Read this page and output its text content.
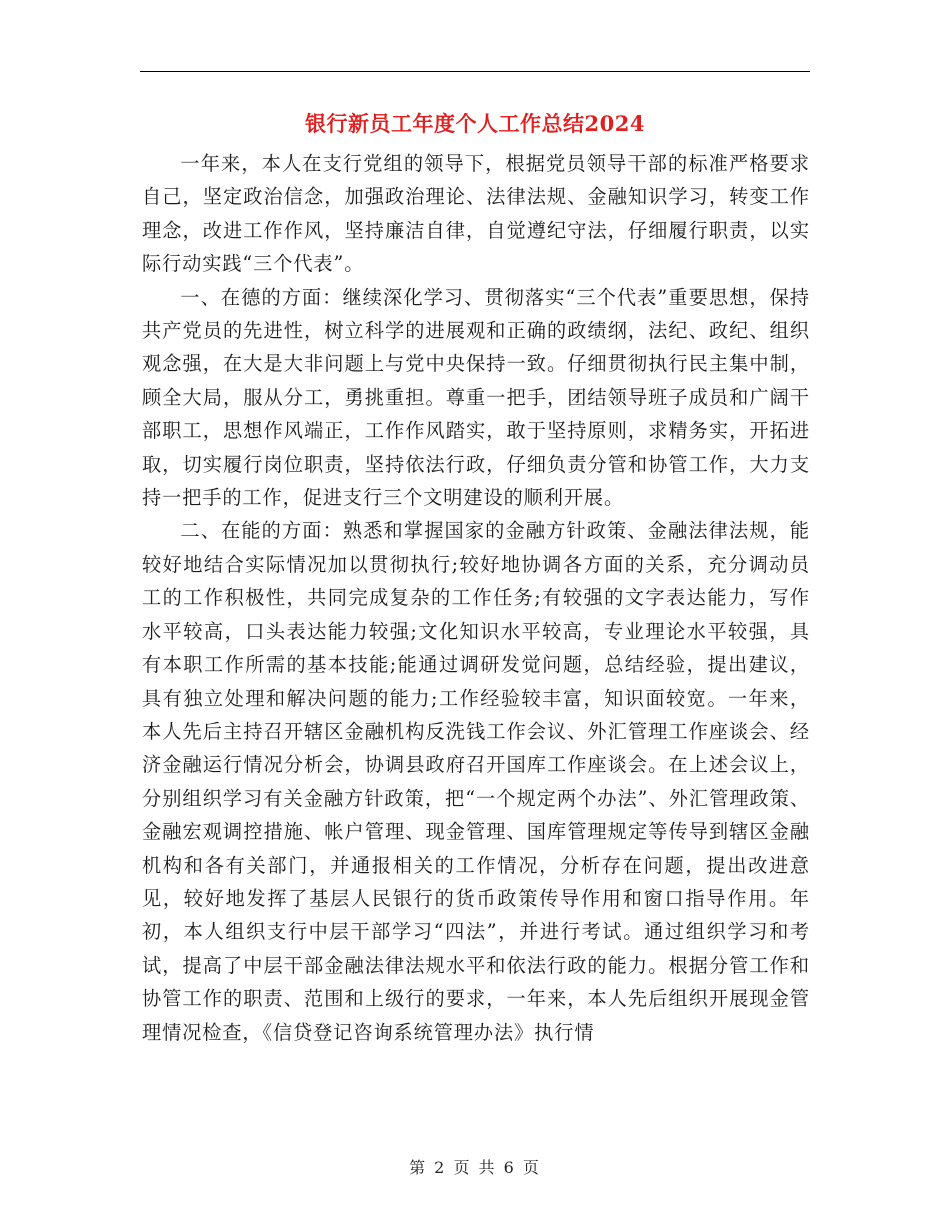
银行新员工年度个人工作总结2024

一年来，本人在支行党组的领导下，根据党员领导干部的标准严格要求自己，坚定政治信念，加强政治理论、法律法规、金融知识学习，转变工作理念，改进工作作风，坚持廉洁自律，自觉遵纪守法，仔细履行职责，以实际行动实践“三个代表”。

一、在德的方面：继续深化学习、贯彻落实“三个代表”重要思想，保持共产党员的先进性，树立科学的进展观和正确的政绩纲，法纪、政纪、组织观念强，在大是大非问题上与党中央保持一致。仔细贯彻执行民主集中制，顾全大局，服从分工，勇挑重担。尊重一把手，团结领导班子成员和广阔干部职工，思想作风端正，工作作风踏实，敢于坚持原则，求精务实，开拓进取，切实履行岗位职责，坚持依法行政，仔细负责分管和协管工作，大力支持一把手的工作，促进支行三个文明建设的顺利开展。

二、在能的方面：熟悉和掌握国家的金融方针政策、金融法律法规，能较好地结合实际情况加以贯彻执行;较好地协调各方面的关系，充分调动员工的工作积极性，共同完成复杂的工作任务;有较强的文字表达能力，写作水平较高，口头表达能力较强;文化知识水平较高，专业理论水平较强，具有本职工作所需的基本技能;能通过调研发觉问题，总结经验，提出建议，具有独立处理和解决问题的能力;工作经验较丰富，知识面较宽。一年来，本人先后主持召开辖区金融机构反洗钱工作会议、外汇管理工作座谈会、经济金融运行情况分析会，协调县政府召开国库工作座谈会。在上述会议上，分别组织学习有关金融方针政策，把“一个规定两个办法”、外汇管理政策、金融宏观调控措施、帐户管理、现金管理、国库管理规定等传导到辖区金融机构和各有关部门，并通报相关的工作情况，分析存在问题，提出改进意见，较好地发挥了基层人民银行的货币政策传导作用和窗口指导作用。年初，本人组织支行中层干部学习“四法”，并进行考试。通过组织学习和考试，提高了中层干部金融法律法规水平和依法行政的能力。根据分管工作和协管工作的职责、范围和上级行的要求，一年来，本人先后组织开展现金管理情况检查，《信贷登记咨询系统管理办法》执行情

第 2 页 共 6 页
